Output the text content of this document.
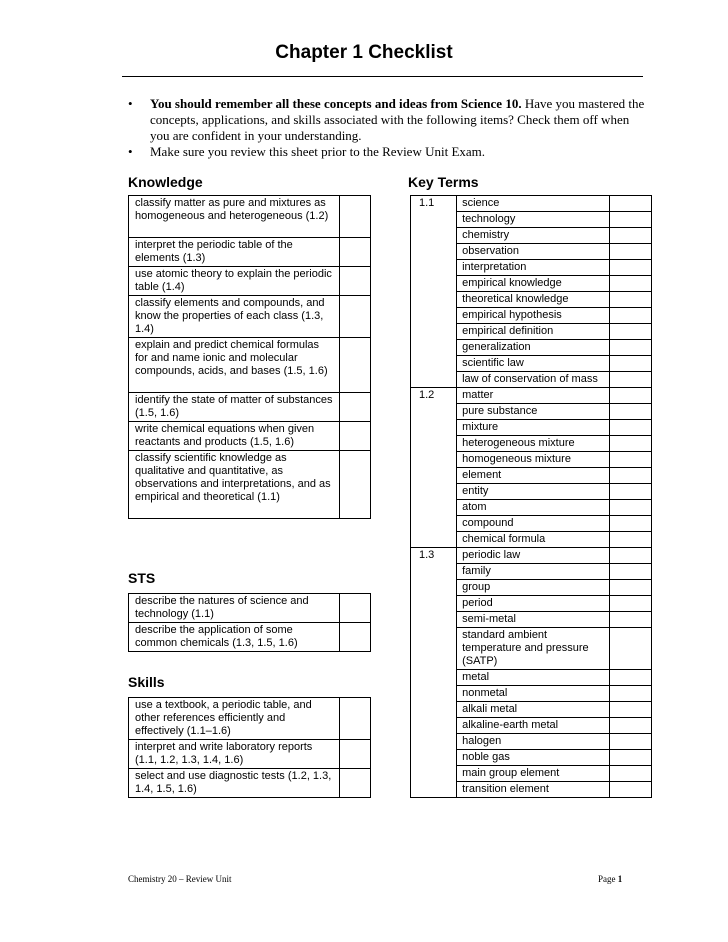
Chapter 1 Checklist
• You should remember all these concepts and ideas from Science 10. Have you mastered the concepts, applications, and skills associated with the following items? Check them off when you are confident in your understanding.
• Make sure you review this sheet prior to the Review Unit Exam.
Knowledge	Key Terms
STS
Skills
classify matter as pure and mixtures as homogeneous and heterogeneous (1.2)	
interpret the periodic table of the elements (1.3)	
use atomic theory to explain the periodic table (1.4)	
classify elements and compounds, and know the properties of each class (1.3, 1.4)	
explain and predict chemical formulas for and name ionic and molecular compounds, acids, and bases (1.5, 1.6)	
identify the state of matter of substances (1.5, 1.6)	
write chemical equations when given reactants and products (1.5, 1.6)	
classify scientific knowledge as qualitative and quantitative, as observations and interpretations, and as empirical and theoretical (1.1)	
describe the natures of science and technology (1.1)	
describe the application of some common chemicals (1.3, 1.5, 1.6)	
use a textbook, a periodic table, and other references efficiently and effectively (1.1–1.6)	
interpret and write laboratory reports (1.1, 1.2, 1.3, 1.4, 1.6)	
select and use diagnostic tests (1.2, 1.3, 1.4, 1.5, 1.6)	
1.1	science	
	technology	
	chemistry	
	observation	
	interpretation	
	empirical knowledge	
	theoretical knowledge	
	empirical hypothesis	
	empirical definition	
	generalization	
	scientific law	
	law of conservation of mass	
1.2	matter	
	pure substance	
	mixture	
	heterogeneous mixture	
	homogeneous mixture	
	element	
	entity	
	atom	
	compound	
	chemical formula	
1.3	periodic law	
	family	
	group	
	period	
	semi-metal	
	standard ambient temperature and pressure (SATP)	
	metal	
	nonmetal	
	alkali metal	
	alkaline-earth metal	
	halogen	
	noble gas	
	main group element	
	transition element	
Chemistry 20 – Review Unit	Page 1
